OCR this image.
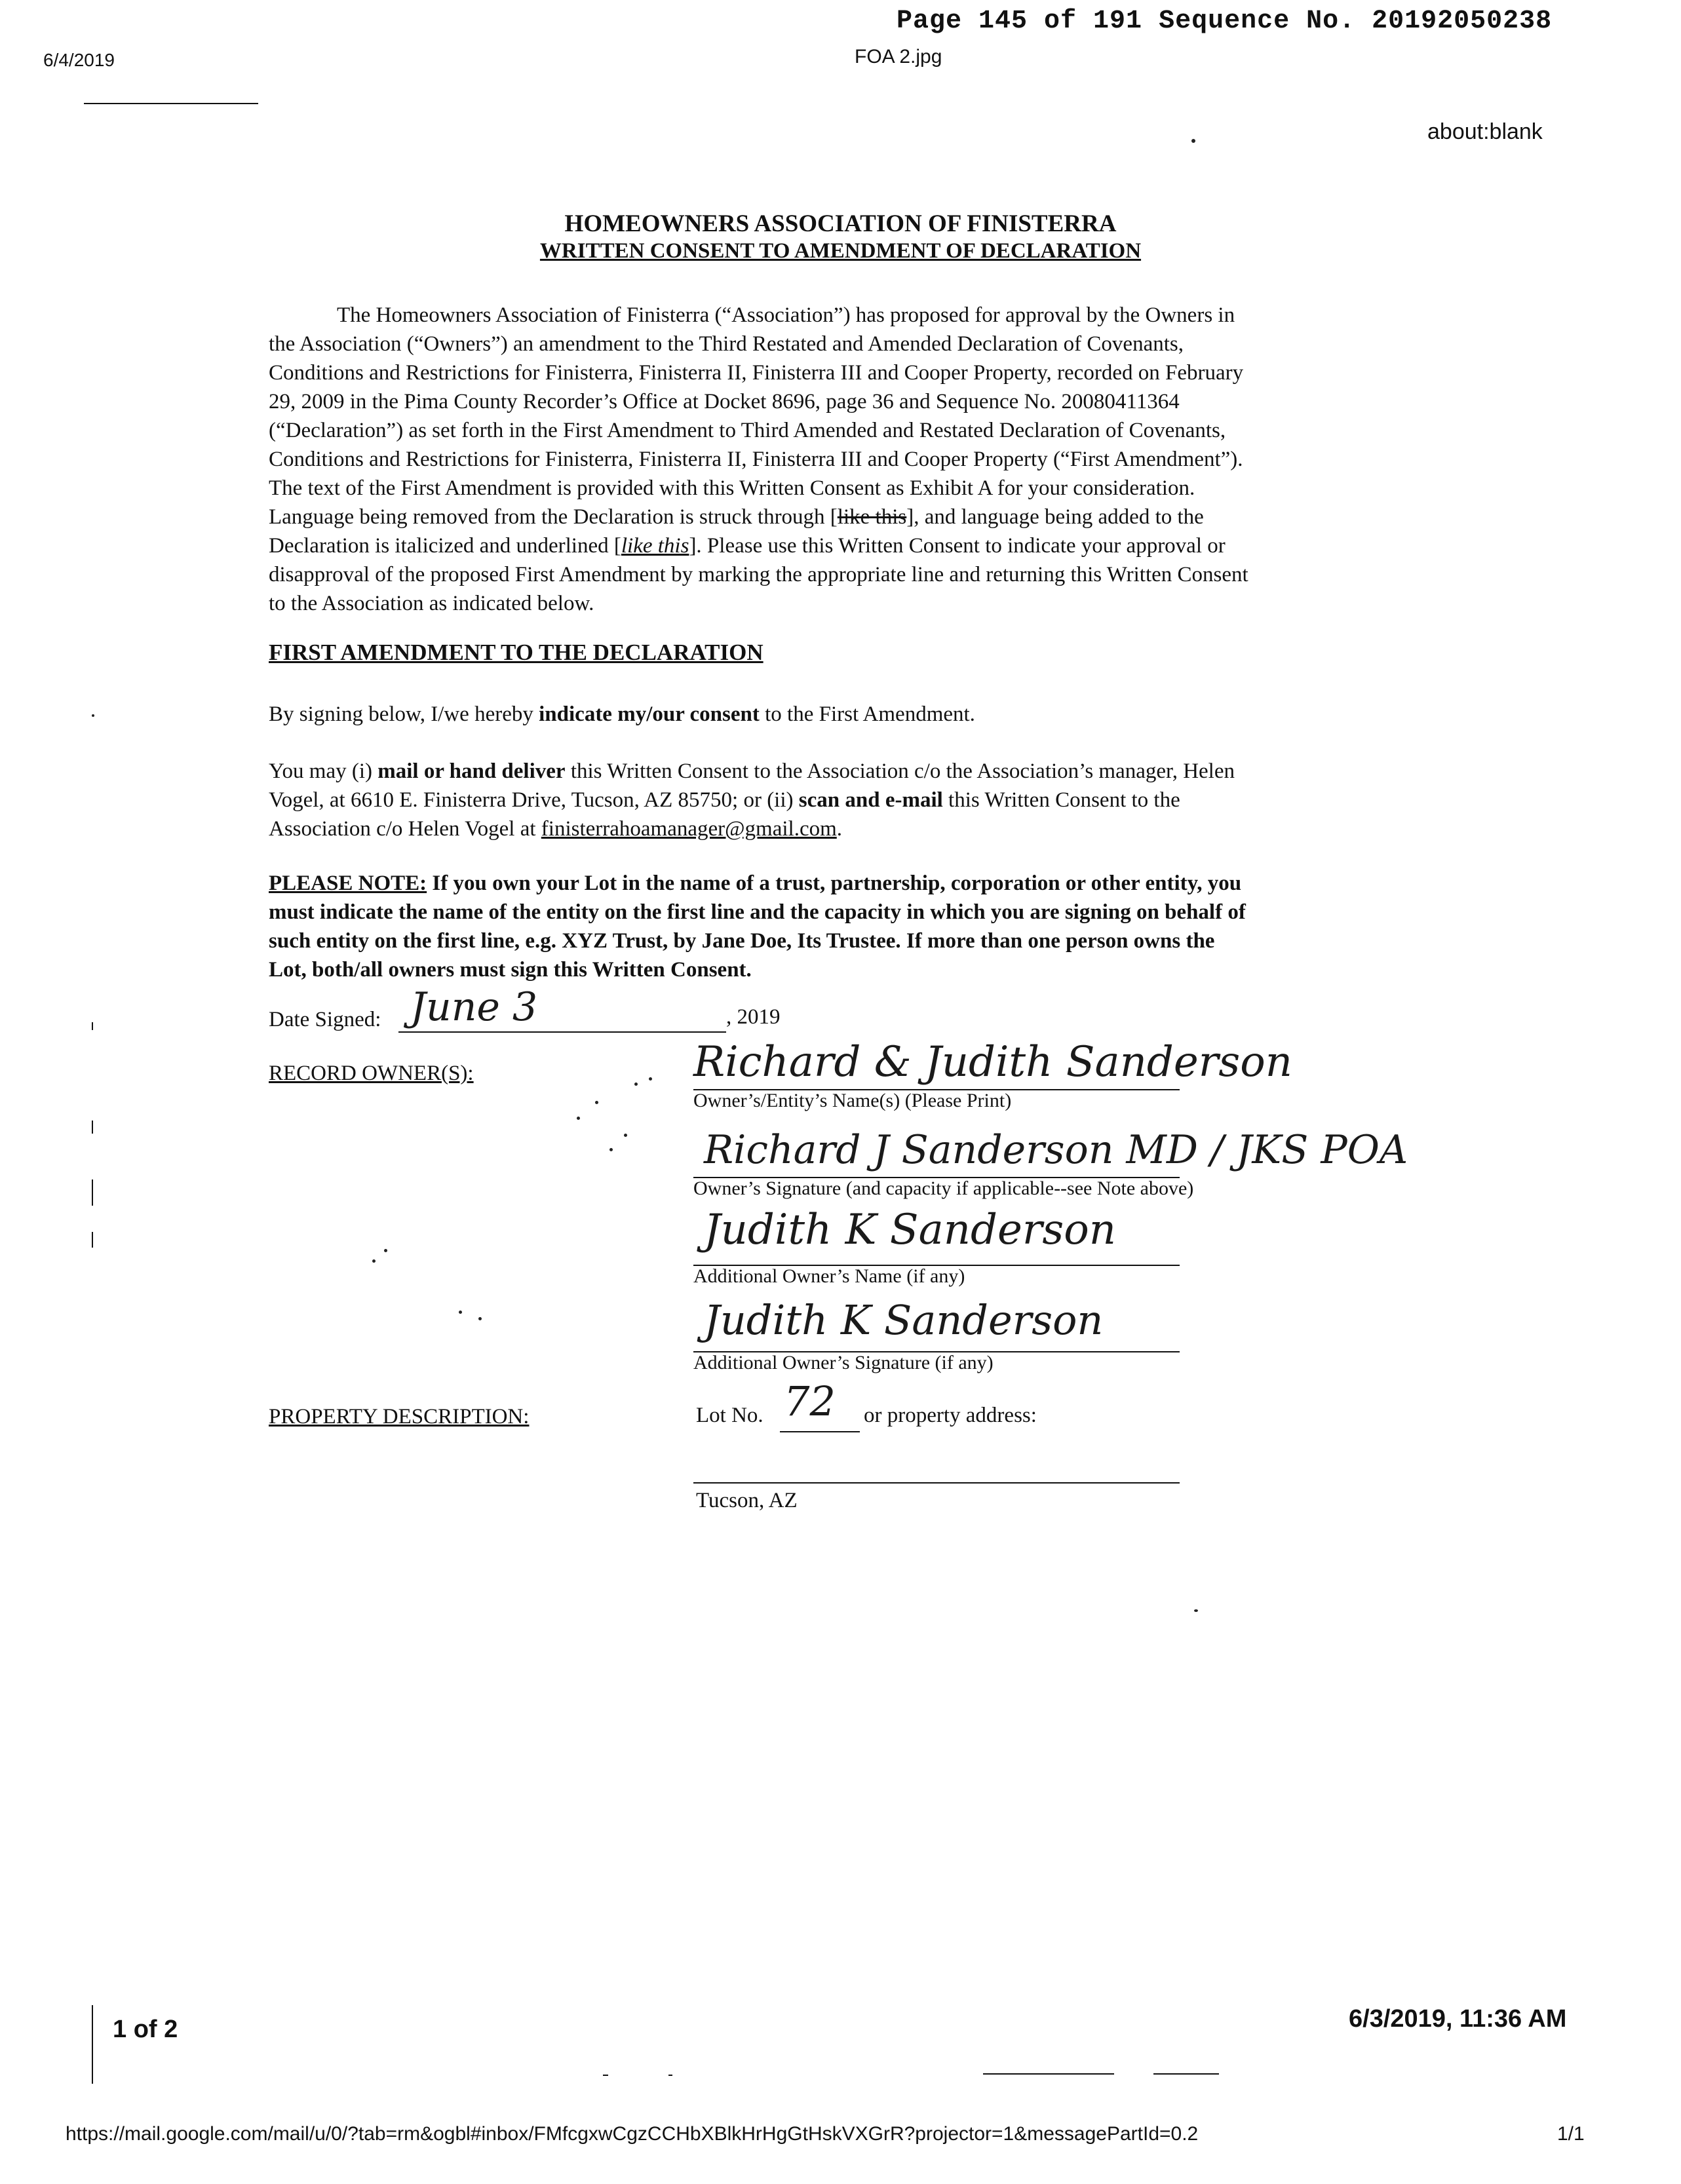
Page 145 of 191 Sequence No. 20192050238
6/4/2019	FOA 2.jpg
about:blank
HOMEOWNERS ASSOCIATION OF FINISTERRA
WRITTEN CONSENT TO AMENDMENT OF DECLARATION
The Homeowners Association of Finisterra (“Association”) has proposed for approval by the Owners in
the Association (“Owners”) an amendment to the Third Restated and Amended Declaration of Covenants,
Conditions and Restrictions for Finisterra, Finisterra II, Finisterra III and Cooper Property, recorded on February
29, 2009 in the Pima County Recorder’s Office at Docket 8696, page 36 and Sequence No. 20080411364
(“Declaration”) as set forth in the First Amendment to Third Amended and Restated Declaration of Covenants,
Conditions and Restrictions for Finisterra, Finisterra II, Finisterra III and Cooper Property (“First Amendment”).
The text of the First Amendment is provided with this Written Consent as Exhibit A for your consideration.
Language being removed from the Declaration is struck through [like this], and language being added to the
Declaration is italicized and underlined [like this]. Please use this Written Consent to indicate your approval or
disapproval of the proposed First Amendment by marking the appropriate line and returning this Written Consent
to the Association as indicated below.
FIRST AMENDMENT TO THE DECLARATION
By signing below, I/we hereby indicate my/our consent to the First Amendment.
You may (i) mail or hand deliver this Written Consent to the Association c/o the Association’s manager, Helen
Vogel, at 6610 E. Finisterra Drive, Tucson, AZ 85750; or (ii) scan and e-mail this Written Consent to the
Association c/o Helen Vogel at finisterrahoamanager@gmail.com.
PLEASE NOTE: If you own your Lot in the name of a trust, partnership, corporation or other entity, you
must indicate the name of the entity on the first line and the capacity in which you are signing on behalf of
such entity on the first line, e.g. XYZ Trust, by Jane Doe, Its Trustee. If more than one person owns the
Lot, both/all owners must sign this Written Consent.
Date Signed: June 3	, 2019
RECORD OWNER(S):	Richard & Judith Sanderson
Owner’s/Entity’s Name(s) (Please Print)
Richard J Sanderson MD / JKS POA
Owner’s Signature (and capacity if applicable--see Note above)
Judith K Sanderson
Additional Owner’s Name (if any)
Judith K Sanderson
Additional Owner’s Signature (if any)
PROPERTY DESCRIPTION:	Lot No. 72 or property address:
Tucson, AZ
1 of 2	6/3/2019, 11:36 AM
https://mail.google.com/mail/u/0/?tab=rm&ogbl#inbox/FMfcgxwCgzCCHbXBlkHrHgGtHskVXGrR?projector=1&messagePartId=0.2	1/1
